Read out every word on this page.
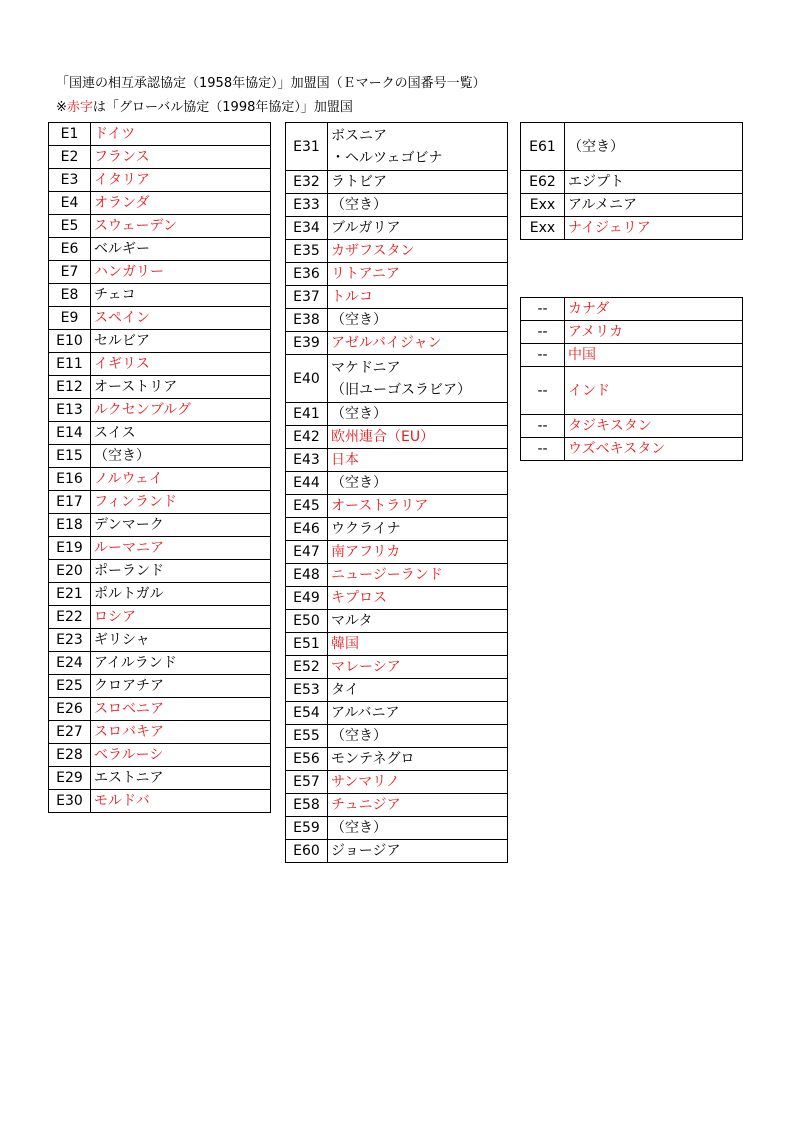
「国連の相互承認協定（1958年協定）」加盟国（Ｅマークの国番号一覧）
※赤字は「グローバル協定（1998年協定）」加盟国
E1	ドイツ

E2	フランス

E3	イタリア

E4	オランダ

E5	スウェーデン

E6	ベルギー

E7	ハンガリー

E8	チェコ

E9	スペイン

E10	セルビア

E11	イギリス

E12	オーストリア

E13	ルクセンブルグ

E14	スイス

E15	（空き）

E16	ノルウェイ

E17	フィンランド

E18	デンマーク

E19	ルーマニア

E20	ポーランド

E21	ポルトガル

E22	ロシア

E23	ギリシャ

E24	アイルランド

E25	クロアチア

E26	スロベニア

E27	スロバキア

E28	ベラルーシ

E29	エストニア

E30	モルドバ
E31	ボスニア
・ヘルツェゴビナ

E32	ラトビア

E33	（空き）

E34	ブルガリア

E35	カザフスタン

E36	リトアニア

E37	トルコ

E38	（空き）

E39	アゼルバイジャン

E40	マケドニア
（旧ユーゴスラビア）

E41	（空き）

E42	欧州連合（EU）

E43	日本

E44	（空き）

E45	オーストラリア

E46	ウクライナ

E47	南アフリカ

E48	ニュージーランド

E49	キプロス

E50	マルタ

E51	韓国

E52	マレーシア

E53	タイ

E54	アルバニア

E55	（空き）

E56	モンテネグロ

E57	サンマリノ

E58	チュニジア

E59	（空き）

E60	ジョージア
E61	（空き）

E62	エジプト

Exx	アルメニア

Exx	ナイジェリア
--	カナダ

--	アメリカ

--	中国

--	インド

--	タジキスタン

--	ウズベキスタン
